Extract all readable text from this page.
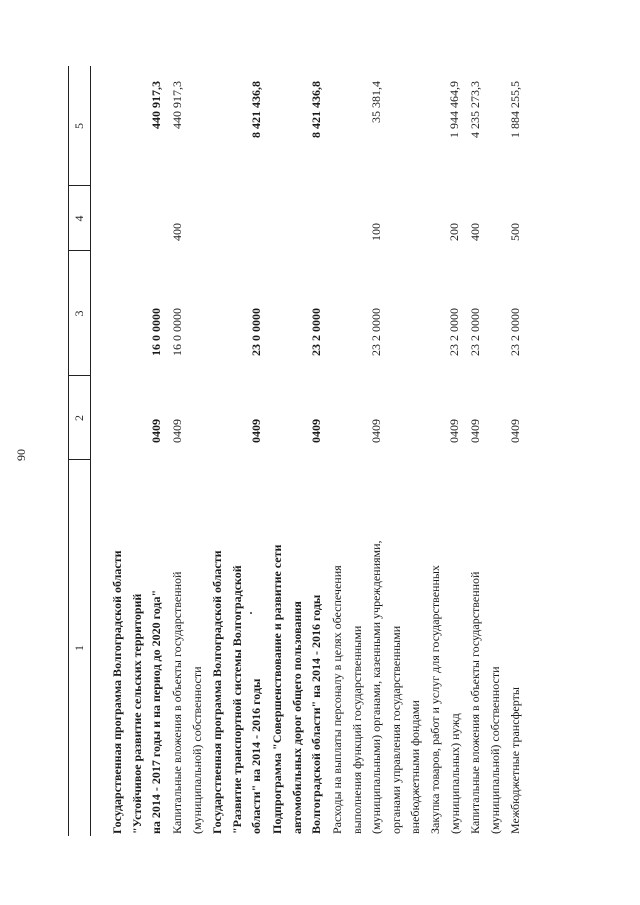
90
1
2
3
4
5
Государственная программа Волгоградской области "Устойчивое развитие сельских территорий на 2014 - 2017 годы и на период до 2020 года"
0409
16 0 0000
440 917,3
Капитальные вложения в объекты государственной (муниципальной) собственности
0409
16 0 0000
400
440 917,3
Государственная программа Волгоградской области "Развитие транспортной системы Волгоградской области" на 2014 - 2016 годы
0409
23 0 0000
8 421 436,8
Подпрограмма "Совершенствование и развитие сети автомобильных дорог общего пользования Волгоградской области" на 2014 - 2016 годы
0409
23 2 0000
8 421 436,8
Расходы на выплаты персоналу в целях обеспечения выполнения функций государственными (муниципальными) органами, казенными учреждениями, органами управления государственными внебюджетными фондами
0409
23 2 0000
100
35 381,4
Закупка товаров, работ и услуг для государственных (муниципальных) нужд
0409
23 2 0000
200
1 944 464,9
Капитальные вложения в объекты государственной (муниципальной) собственности
0409
23 2 0000
400
4 235 273,3
Межбюджетные трансферты
0409
23 2 0000
500
1 884 255,5
